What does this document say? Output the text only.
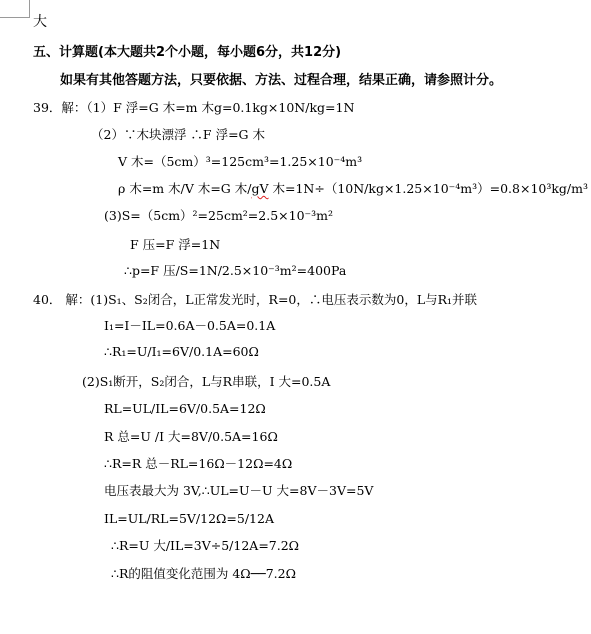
大
五、计算题(本大题共2个小题，每小题6分，共12分)
如果有其他答题方法，只要依据、方法、过程合理，结果正确，请参照计分。
39．解：（1）F 浮=G 木=m 木g=0.1kg×10N/kg=1N
（2）∵木块漂浮 ∴F 浮=G 木
V 木=（5cm）³=125cm³=1.25×10⁻⁴m³
ρ 木=m 木/V 木=G 木/gV 木=1N÷（10N/kg×1.25×10⁻⁴m³）=0.8×10³kg/m³
(3)S=（5cm）²=25cm²=2.5×10⁻³m²
F 压=F 浮=1N
∴p=F 压/S=1N/2.5×10⁻³m²=400Pa
40． 解：(1)S₁、S₂闭合，L正常发光时，R=0，∴电压表示数为0，L与R₁并联
I₁=I－IL=0.6A－0.5A=0.1A
∴R₁=U/I₁=6V/0.1A=60Ω
(2)S₁断开，S₂闭合，L与R串联，I 大=0.5A
RL=UL/IL=6V/0.5A=12Ω
R 总=U /I 大=8V/0.5A=16Ω
∴R=R 总－RL=16Ω－12Ω=4Ω
电压表最大为 3V,∴UL=U－U 大=8V－3V=5V
IL=UL/RL=5V/12Ω=5/12A
∴R=U 大/IL=3V÷5/12A=7.2Ω
∴R的阻值变化范围为 4Ω──7.2Ω
